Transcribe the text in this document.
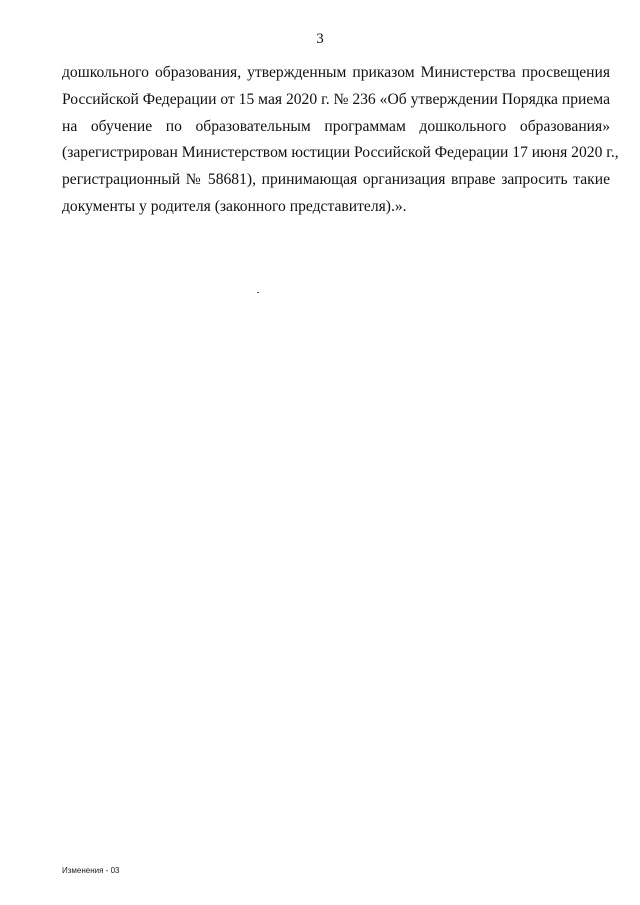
3
дошкольного образования, утвержденным приказом Министерства просвещения
Российской Федерации от 15 мая 2020 г. № 236 «Об утверждении Порядка приема
на обучение по образовательным программам дошкольного образования»
(зарегистрирован Министерством юстиции Российской Федерации 17 июня 2020 г.,
регистрационный № 58681), принимающая организация вправе запросить такие
документы у родителя (законного представителя).».
Изменения - 03
